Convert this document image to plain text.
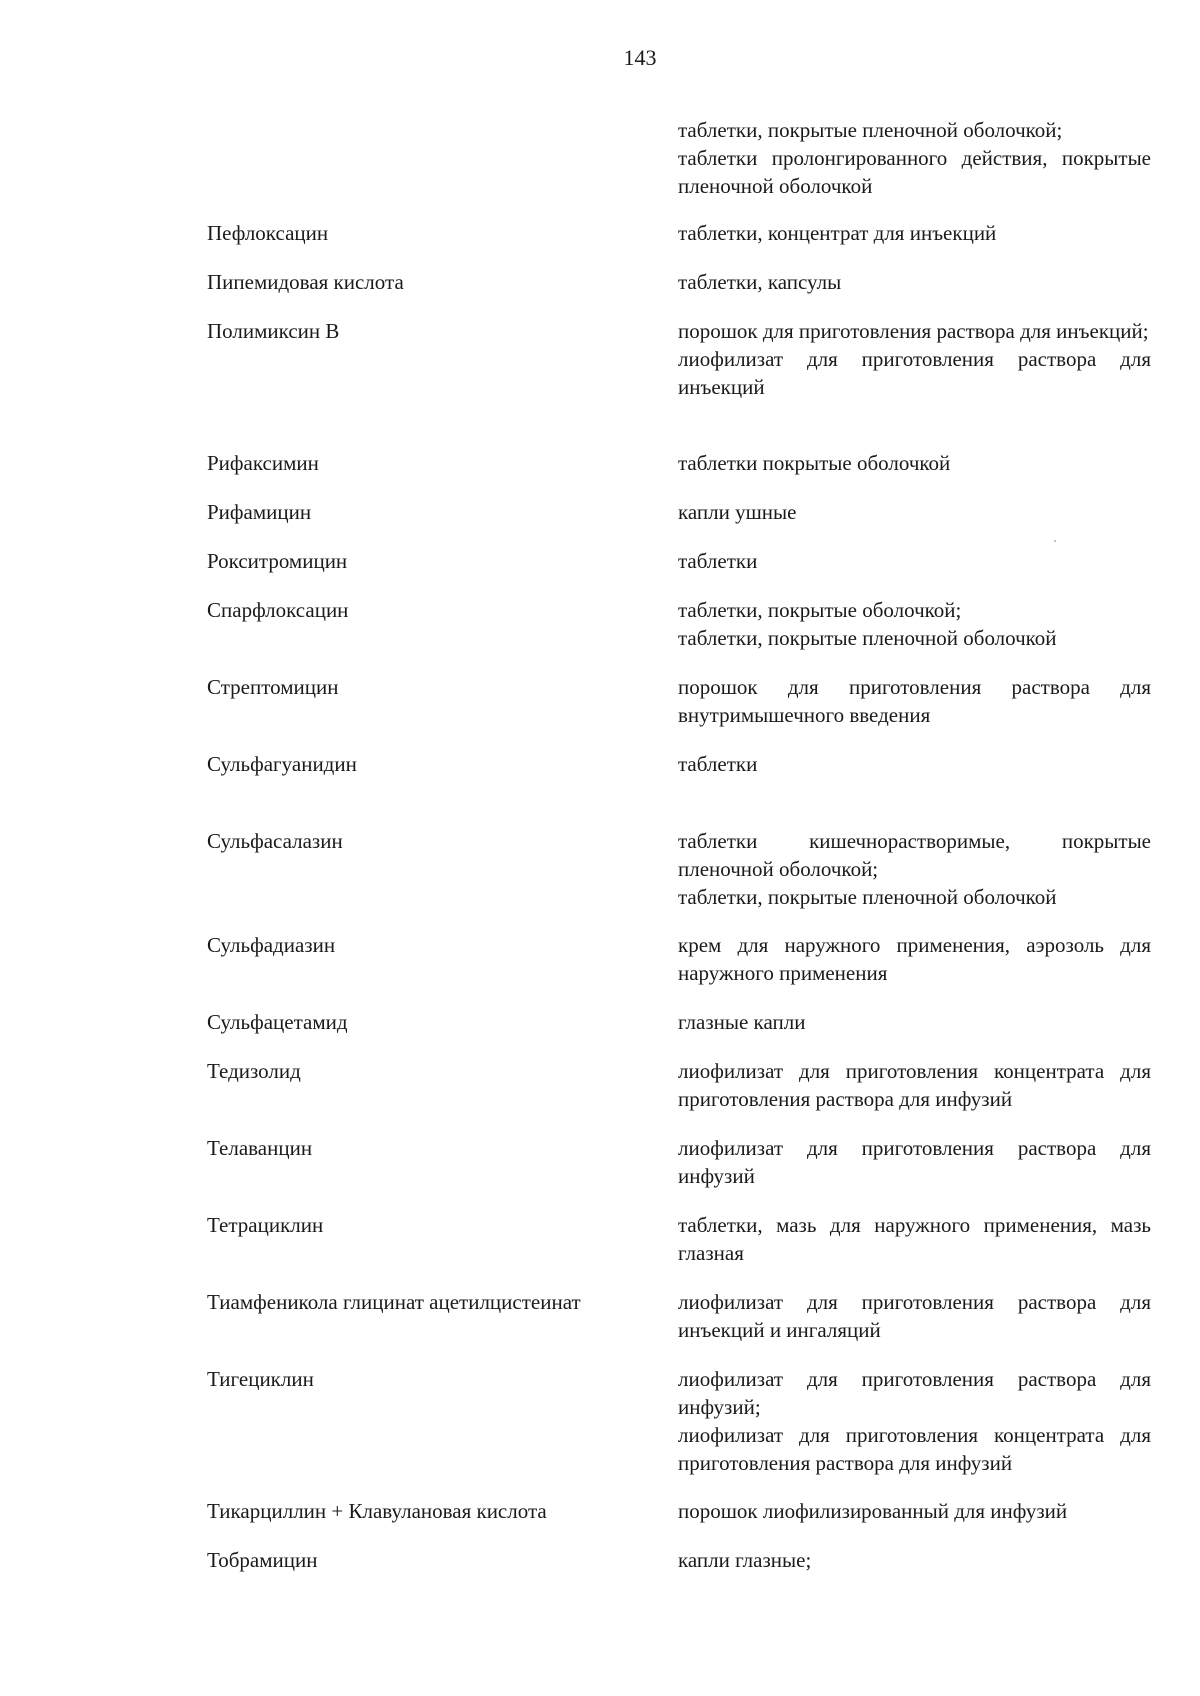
143
таблетки, покрытые пленочной оболочкой;
таблетки пролонгированного действия, покрытые пленочной оболочкой
Пефлоксацин	таблетки, концентрат для инъекций
Пипемидовая кислота	таблетки, капсулы
Полимиксин B	порошок для приготовления раствора для инъекций;
лиофилизат для приготовления раствора для инъекций
Рифаксимин	таблетки покрытые оболочкой
Рифамицин	капли ушные
Рокситромицин	таблетки
Спарфлоксацин	таблетки, покрытые оболочкой;
таблетки, покрытые пленочной оболочкой
Стрептомицин	порошок для приготовления раствора для внутримышечного введения
Сульфагуанидин	таблетки
Сульфасалазин	таблетки кишечнорастворимые, покрытые пленочной оболочкой;
таблетки, покрытые пленочной оболочкой
Сульфадиазин	крем для наружного применения, аэрозоль для наружного применения
Сульфацетамид	глазные капли
Тедизолид	лиофилизат для приготовления концентрата для приготовления раствора для инфузий
Телаванцин	лиофилизат для приготовления раствора для инфузий
Тетрациклин	таблетки, мазь для наружного применения, мазь глазная
Тиамфеникола глицинат ацетилцистеинат	лиофилизат для приготовления раствора для инъекций и ингаляций
Тигециклин	лиофилизат для приготовления раствора для инфузий;
лиофилизат для приготовления концентрата для приготовления раствора для инфузий
Тикарциллин + Клавулановая кислота	порошок лиофилизированный для инфузий
Тобрамицин	капли глазные;
